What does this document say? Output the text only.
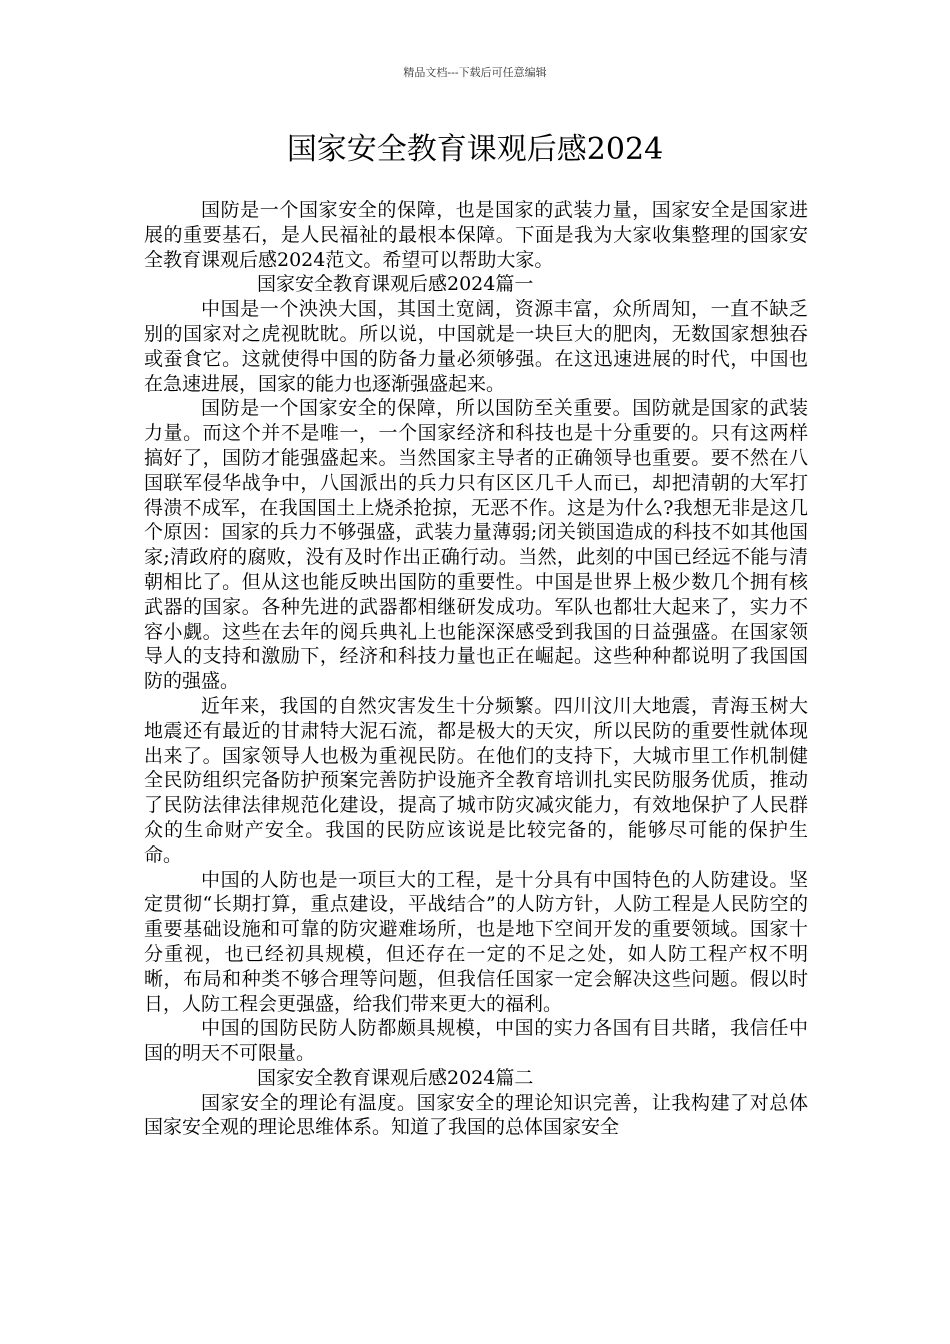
精品文档---下载后可任意编辑
国家安全教育课观后感2024

国防是一个国家安全的保障，也是国家的武装力量，国家安全是国家进展的重要基石，是人民福祉的最根本保障。下面是我为大家收集整理的国家安全教育课观后感2024范文。希望可以帮助大家。

国家安全教育课观后感2024篇一

中国是一个泱泱大国，其国土宽阔，资源丰富，众所周知，一直不缺乏别的国家对之虎视眈眈。所以说，中国就是一块巨大的肥肉，无数国家想独吞或蚕食它。这就使得中国的防备力量必须够强。在这迅速进展的时代，中国也在急速进展，国家的能力也逐渐强盛起来。

国防是一个国家安全的保障，所以国防至关重要。国防就是国家的武装力量。而这个并不是唯一，一个国家经济和科技也是十分重要的。只有这两样搞好了，国防才能强盛起来。当然国家主导者的正确领导也重要。要不然在八国联军侵华战争中，八国派出的兵力只有区区几千人而已，却把清朝的大军打得溃不成军，在我国国土上烧杀抢掠，无恶不作。这是为什么?我想无非是这几个原因：国家的兵力不够强盛，武装力量薄弱;闭关锁国造成的科技不如其他国家;清政府的腐败，没有及时作出正确行动。当然，此刻的中国已经远不能与清朝相比了。但从这也能反映出国防的重要性。中国是世界上极少数几个拥有核武器的国家。各种先进的武器都相继研发成功。军队也都壮大起来了，实力不容小觑。这些在去年的阅兵典礼上也能深深感受到我国的日益强盛。在国家领导人的支持和激励下，经济和科技力量也正在崛起。这些种种都说明了我国国防的强盛。

近年来，我国的自然灾害发生十分频繁。四川汶川大地震，青海玉树大地震还有最近的甘肃特大泥石流，都是极大的天灾，所以民防的重要性就体现出来了。国家领导人也极为重视民防。在他们的支持下，大城市里工作机制健全民防组织完备防护预案完善防护设施齐全教育培训扎实民防服务优质，推动了民防法律法律规范化建设，提高了城市防灾减灾能力，有效地保护了人民群众的生命财产安全。我国的民防应该说是比较完备的，能够尽可能的保护生命。

中国的人防也是一项巨大的工程，是十分具有中国特色的人防建设。坚定贯彻“长期打算，重点建设，平战结合”的人防方针，人防工程是人民防空的重要基础设施和可靠的防灾避难场所，也是地下空间开发的重要领域。国家十分重视，也已经初具规模，但还存在一定的不足之处，如人防工程产权不明晰，布局和种类不够合理等问题，但我信任国家一定会解决这些问题。假以时日，人防工程会更强盛，给我们带来更大的福利。

中国的国防民防人防都颇具规模，中国的实力各国有目共睹，我信任中国的明天不可限量。

国家安全教育课观后感2024篇二

国家安全的理论有温度。国家安全的理论知识完善，让我构建了对总体国家安全观的理论思维体系。知道了我国的总体国家安全
